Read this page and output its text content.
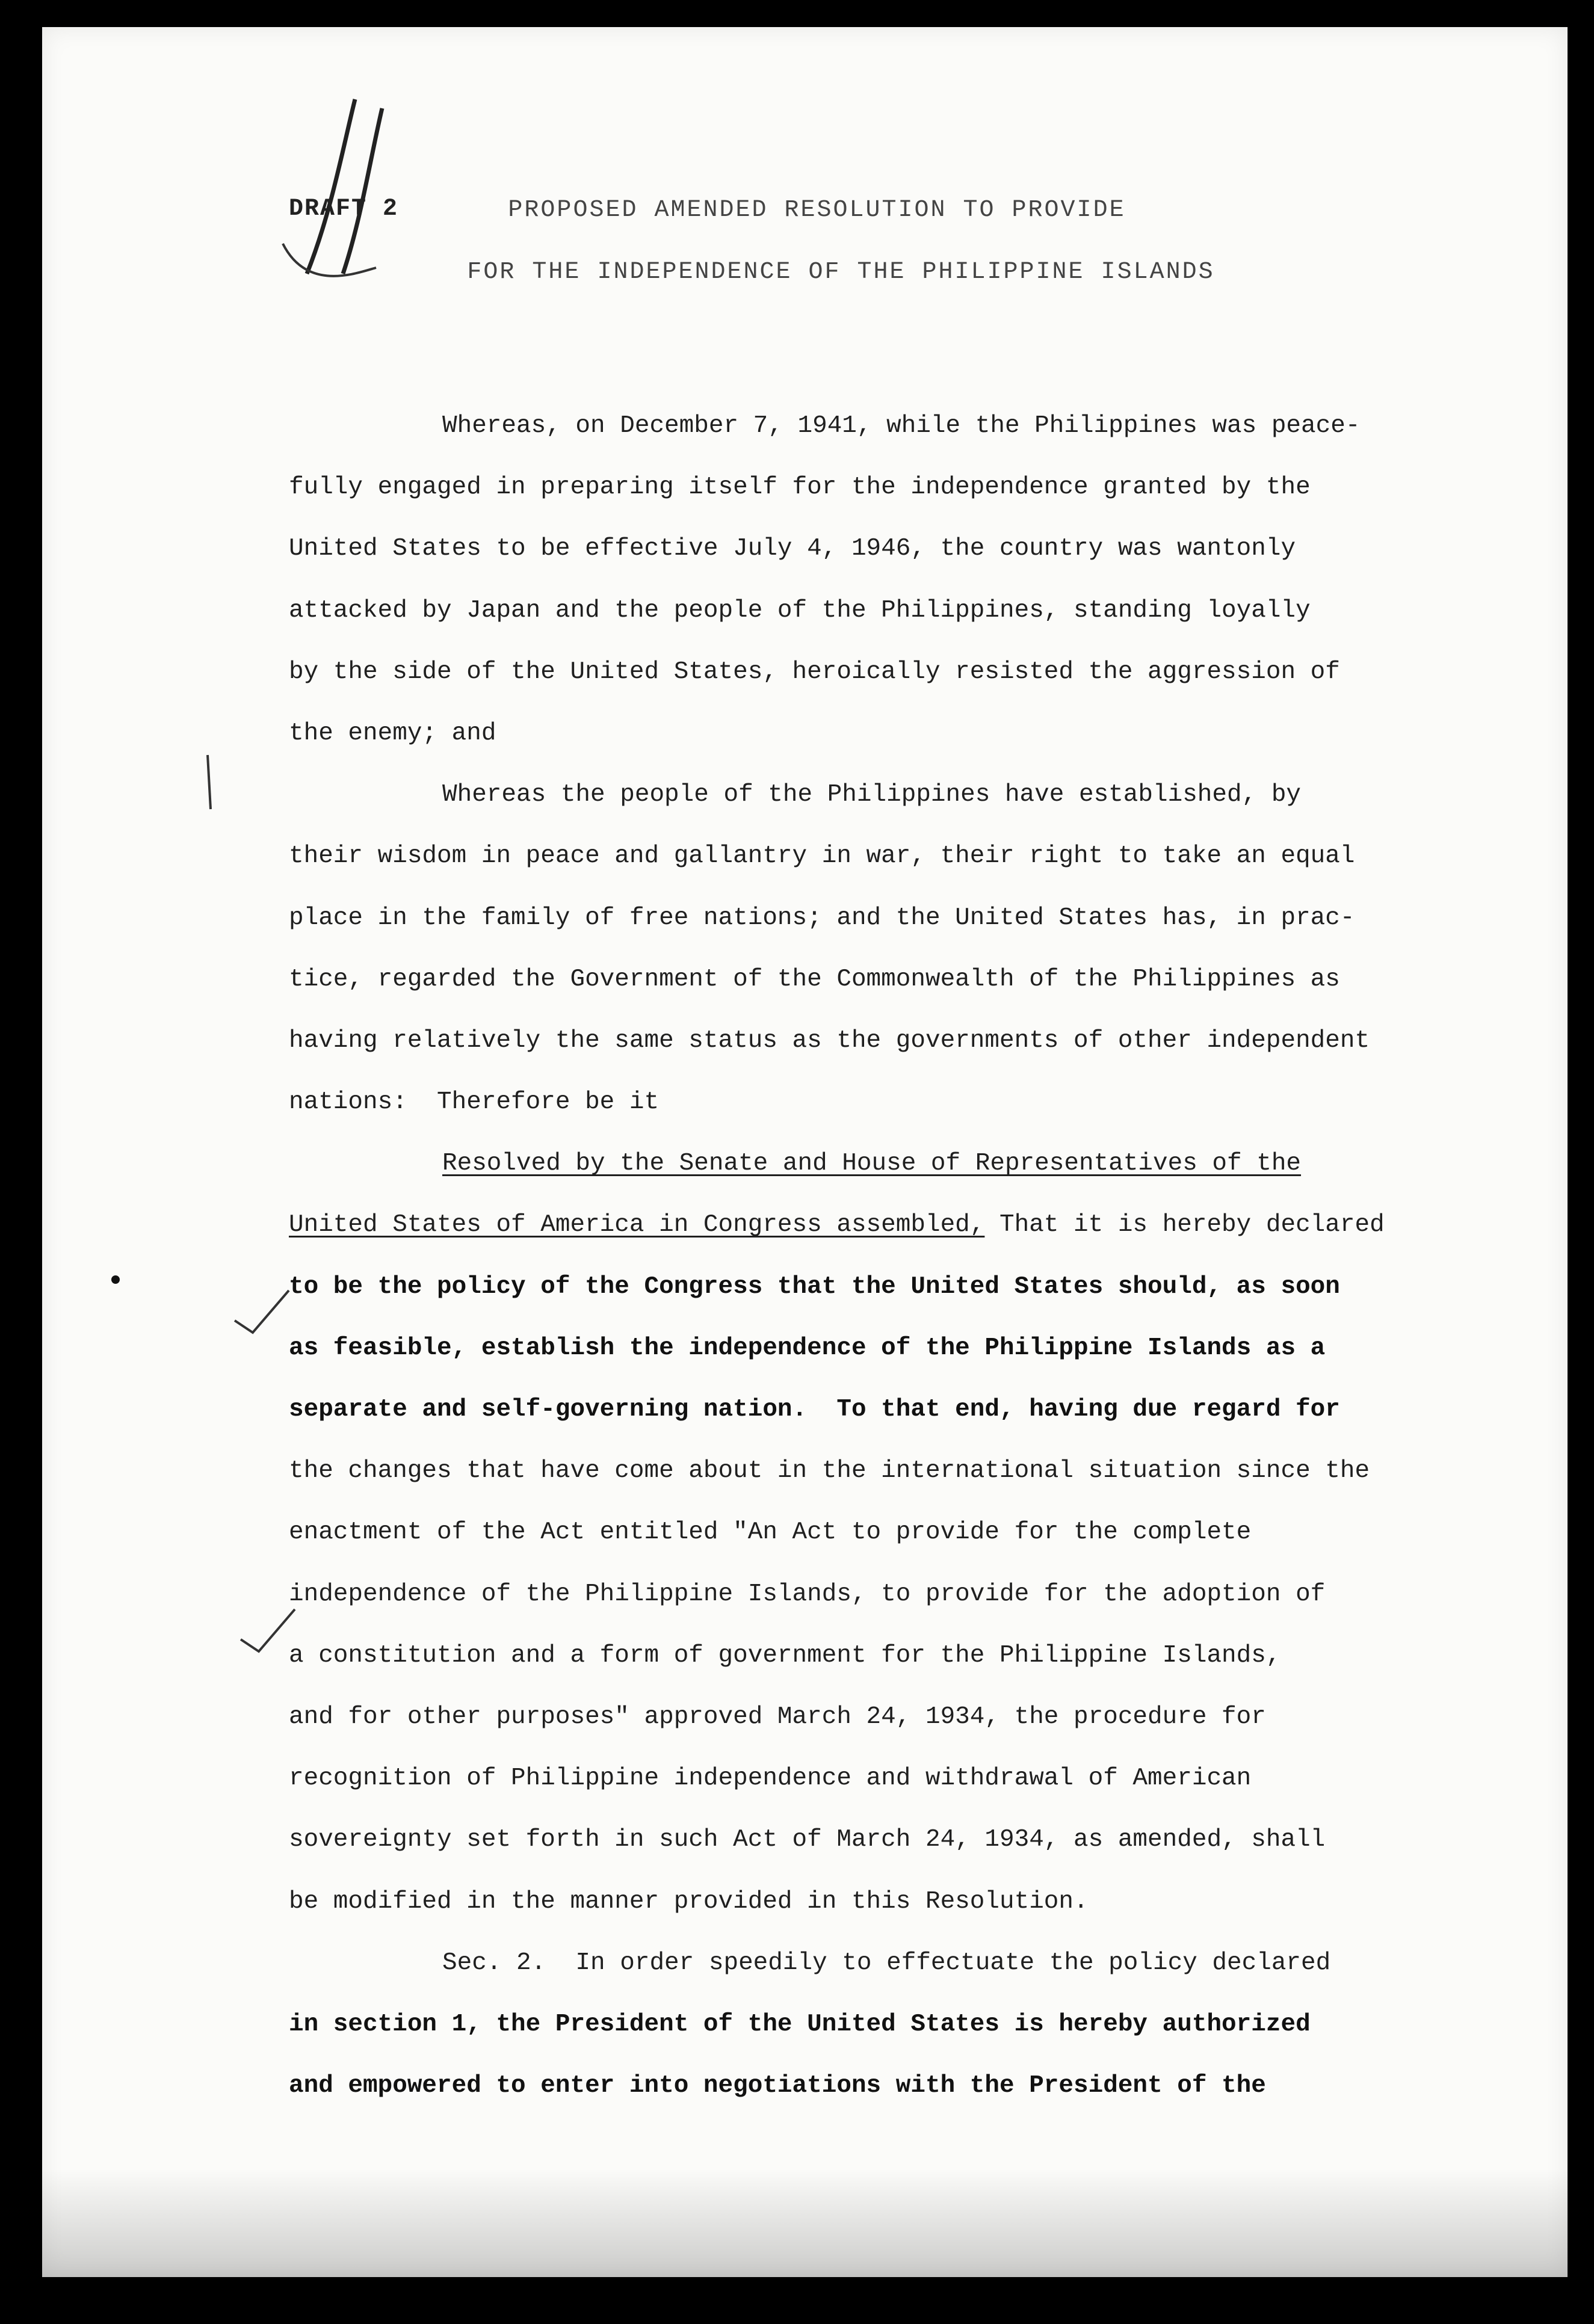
DRAFT 2	PROPOSED AMENDED RESOLUTION TO PROVIDE
FOR THE INDEPENDENCE OF THE PHILIPPINE ISLANDS
Whereas, on December 7, 1941, while the Philippines was peace-
fully engaged in preparing itself for the independence granted by the
United States to be effective July 4, 1946, the country was wantonly
attacked by Japan and the people of the Philippines, standing loyally
by the side of the United States, heroically resisted the aggression of
the enemy; and
Whereas the people of the Philippines have established, by
their wisdom in peace and gallantry in war, their right to take an equal
place in the family of free nations; and the United States has, in prac-
tice, regarded the Government of the Commonwealth of the Philippines as
having relatively the same status as the governments of other independent
nations:  Therefore be it
Resolved by the Senate and House of Representatives of the
United States of America in Congress assembled, That it is hereby declared
to be the policy of the Congress that the United States should, as soon
as feasible, establish the independence of the Philippine Islands as a
separate and self-governing nation.  To that end, having due regard for
the changes that have come about in the international situation since the
enactment of the Act entitled "An Act to provide for the complete
independence of the Philippine Islands, to provide for the adoption of
a constitution and a form of government for the Philippine Islands,
and for other purposes" approved March 24, 1934, the procedure for
recognition of Philippine independence and withdrawal of American
sovereignty set forth in such Act of March 24, 1934, as amended, shall
be modified in the manner provided in this Resolution.
Sec. 2.  In order speedily to effectuate the policy declared
in section 1, the President of the United States is hereby authorized
and empowered to enter into negotiations with the President of the
